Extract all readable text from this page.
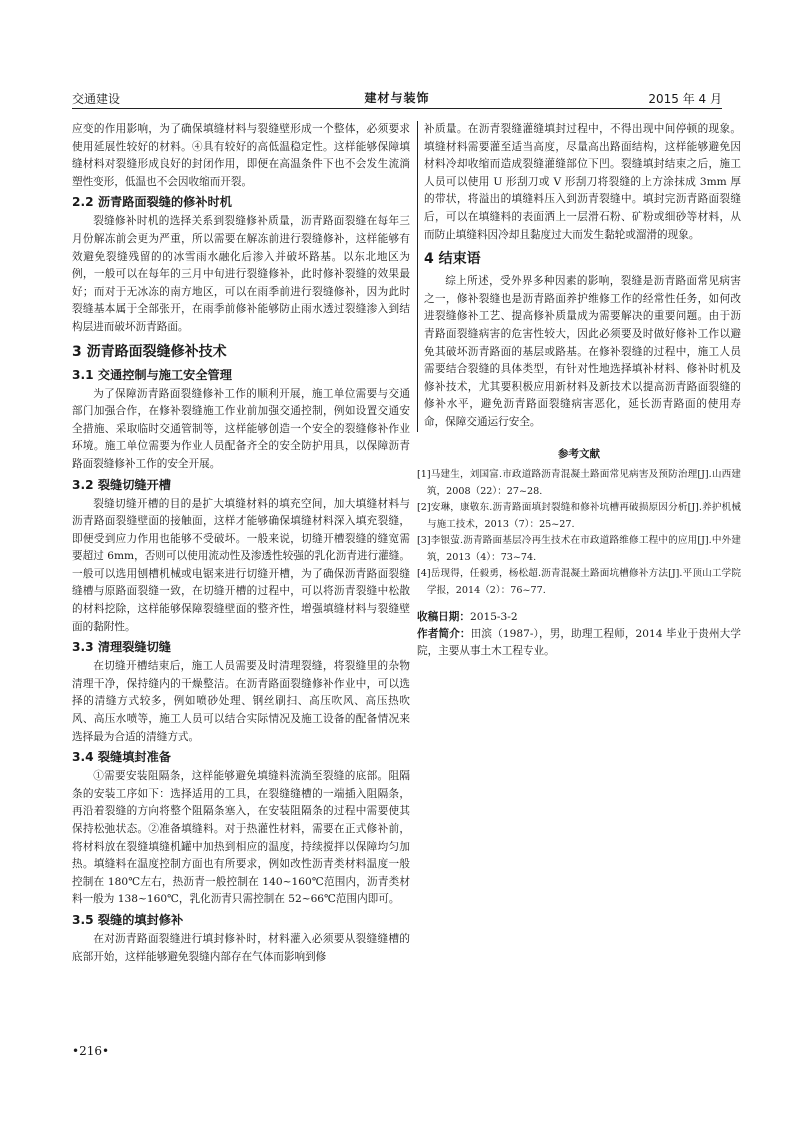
交通建设	建材与装饰	2015 年 4 月

应变的作用影响，为了确保填缝材料与裂缝壁形成一个整体，必须要求使用延展性较好的材料。④具有较好的高低温稳定性。这样能够保障填缝材料对裂缝形成良好的封闭作用，即便在高温条件下也不会发生流淌塑性变形，低温也不会因收缩而开裂。

2.2 沥青路面裂缝的修补时机

裂缝修补时机的选择关系到裂缝修补质量，沥青路面裂缝在每年三月份解冻前会更为严重，所以需要在解冻前进行裂缝修补，这样能够有效避免裂缝残留的的冰雪雨水融化后渗入并破坏路基。以东北地区为例，一般可以在每年的三月中旬进行裂缝修补，此时修补裂缝的效果最好；而对于无冰冻的南方地区，可以在雨季前进行裂缝修补，因为此时裂缝基本属于全部张开，在雨季前修补能够防止雨水透过裂缝渗入到结构层进而破坏沥青路面。

3 沥青路面裂缝修补技术
3.1 交通控制与施工安全管理

为了保障沥青路面裂缝修补工作的顺利开展，施工单位需要与交通部门加强合作，在修补裂缝施工作业前加强交通控制，例如设置交通安全措施、采取临时交通管制等，这样能够创造一个安全的裂缝修补作业环境。施工单位需要为作业人员配备齐全的安全防护用具，以保障沥青路面裂缝修补工作的安全开展。

3.2 裂缝切缝开槽

裂缝切缝开槽的目的是扩大填缝材料的填充空间，加大填缝材料与沥青路面裂缝壁面的接触面，这样才能够确保填缝材料深入填充裂缝，即便受到应力作用也能够不受破坏。一般来说，切缝开槽裂缝的缝宽需要超过 6mm，否则可以使用流动性及渗透性较强的乳化沥青进行灌缝。一般可以选用刨槽机械或电锯来进行切缝开槽，为了确保沥青路面裂缝缝槽与原路面裂缝一致，在切缝开槽的过程中，可以将沥青裂缝中松散的材料挖除，这样能够保障裂缝壁面的整齐性，增强填缝材料与裂缝壁面的黏附性。

3.3 清理裂缝切缝

在切缝开槽结束后，施工人员需要及时清理裂缝，将裂缝里的杂物清理干净，保持缝内的干燥整洁。在沥青路面裂缝修补作业中，可以选择的清缝方式较多，例如喷砂处理、钢丝刷扫、高压吹风、高压热吹风、高压水喷等，施工人员可以结合实际情况及施工设备的配备情况来选择最为合适的清缝方式。

3.4 裂缝填封准备

①需要安装阻隔条，这样能够避免填缝料流淌至裂缝的底部。阻隔条的安装工序如下：选择适用的工具，在裂缝缝槽的一端插入阻隔条，再沿着裂缝的方向将整个阻隔条塞入，在安装阻隔条的过程中需要使其保持松弛状态。②准备填缝料。对于热灌性材料，需要在正式修补前，将材料放在裂缝填缝机罐中加热到相应的温度，持续搅拌以保障均匀加热。填缝料在温度控制方面也有所要求，例如改性沥青类材料温度一般控制在 180℃左右，热沥青一般控制在 140~160℃范围内，沥青类材料一般为 138~160℃，乳化沥青只需控制在 52~66℃范围内即可。

3.5 裂缝的填封修补

在对沥青路面裂缝进行填封修补时，材料灌入必须要从裂缝缝槽的底部开始，这样能够避免裂缝内部存在气体而影响到修

补质量。在沥青裂缝灌缝填封过程中，不得出现中间停顿的现象。填缝材料需要灌至适当高度，尽量高出路面结构，这样能够避免因材料冷却收缩而造成裂缝灌缝部位下凹。裂缝填封结束之后，施工人员可以使用 U 形刮刀或 V 形刮刀将裂缝的上方涂抹成 3mm 厚的带状，将溢出的填缝料压入到沥青裂缝中。填封完沥青路面裂缝后，可以在填缝料的表面洒上一层滑石粉、矿粉或细砂等材料，从而防止填缝料因冷却且黏度过大而发生黏轮或溜滑的现象。

4 结束语

综上所述，受外界多种因素的影响，裂缝是沥青路面常见病害之一，修补裂缝也是沥青路面养护维修工作的经常性任务，如何改进裂缝修补工艺、提高修补质量成为需要解决的重要问题。由于沥青路面裂缝病害的危害性较大，因此必须要及时做好修补工作以避免其破坏沥青路面的基层或路基。在修补裂缝的过程中，施工人员需要结合裂缝的具体类型，有针对性地选择填补材料、修补时机及修补技术，尤其要积极应用新材料及新技术以提高沥青路面裂缝的修补水平，避免沥青路面裂缝病害恶化，延长沥青路面的使用寿命，保障交通运行安全。

参考文献

[1]马建生，刘国富.市政道路沥青混凝土路面常见病害及预防治理[J].山西建筑，2008（22）：27~28.

[2]安琳，康敬东.沥青路面填封裂缝和修补坑槽再破损原因分析[J].养护机械与施工技术，2013（7）：25~27.

[3]李银萤.沥青路面基层冷再生技术在市政道路维修工程中的应用[J].中外建筑，2013（4）：73~74.

[4]岳现得，任毅勇，杨松超.沥青混凝土路面坑槽修补方法[J].平顶山工学院学报，2014（2）：76~77.

收稿日期：2015-3-2

作者简介：田滨（1987-），男，助理工程师，2014 毕业于贵州大学院，主要从事土木工程专业。

•216•
